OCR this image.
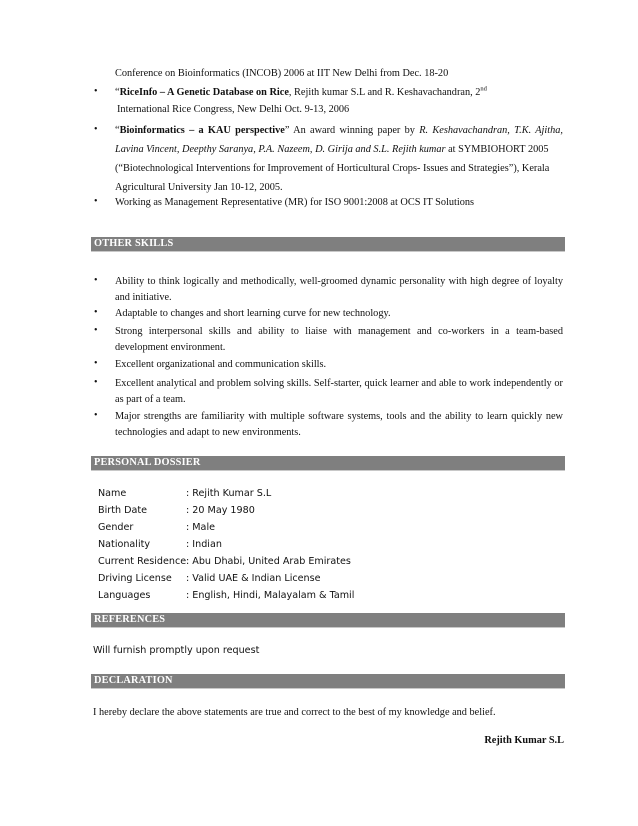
Conference on Bioinformatics (INCOB) 2006 at IIT New Delhi from Dec. 18-20
• “RiceInfo – A Genetic Database on Rice, Rejith kumar S.L and R. Keshavachandran, 2nd
International Rice Congress, New Delhi Oct. 9-13, 2006
• “Bioinformatics – a KAU perspective” An award winning paper by R. Keshavachandran, T.K. Ajitha,
Lavina Vincent, Deepthy Saranya, P.A. Nazeem, D. Girija and S.L. Rejith kumar at SYMBIOHORT 2005
(“Biotechnological Interventions for Improvement of Horticultural Crops- Issues and Strategies”), Kerala
Agricultural University Jan 10-12, 2005.
• Working as Management Representative (MR) for ISO 9001:2008 at OCS IT Solutions
OTHER SKILLS
• Ability to think logically and methodically, well-groomed dynamic personality with high degree of loyalty and initiative.
• Adaptable to changes and short learning curve for new technology.
• Strong interpersonal skills and ability to liaise with management and co-workers in a team-based development environment.
• Excellent organizational and communication skills.
• Excellent analytical and problem solving skills. Self-starter, quick learner and able to work independently or as part of a team.
• Major strengths are familiarity with multiple software systems, tools and the ability to learn quickly new technologies and adapt to new environments.
PERSONAL DOSSIER
Name	: Rejith Kumar S.L
Birth Date	: 20 May 1980
Gender	: Male
Nationality	: Indian
Current Residence : Abu Dhabi, United Arab Emirates
Driving License : Valid UAE & Indian License
Languages	: English, Hindi, Malayalam & Tamil
REFERENCES
Will furnish promptly upon request
DECLARATION
I hereby declare the above statements are true and correct to the best of my knowledge and belief.
Rejith Kumar S.L
